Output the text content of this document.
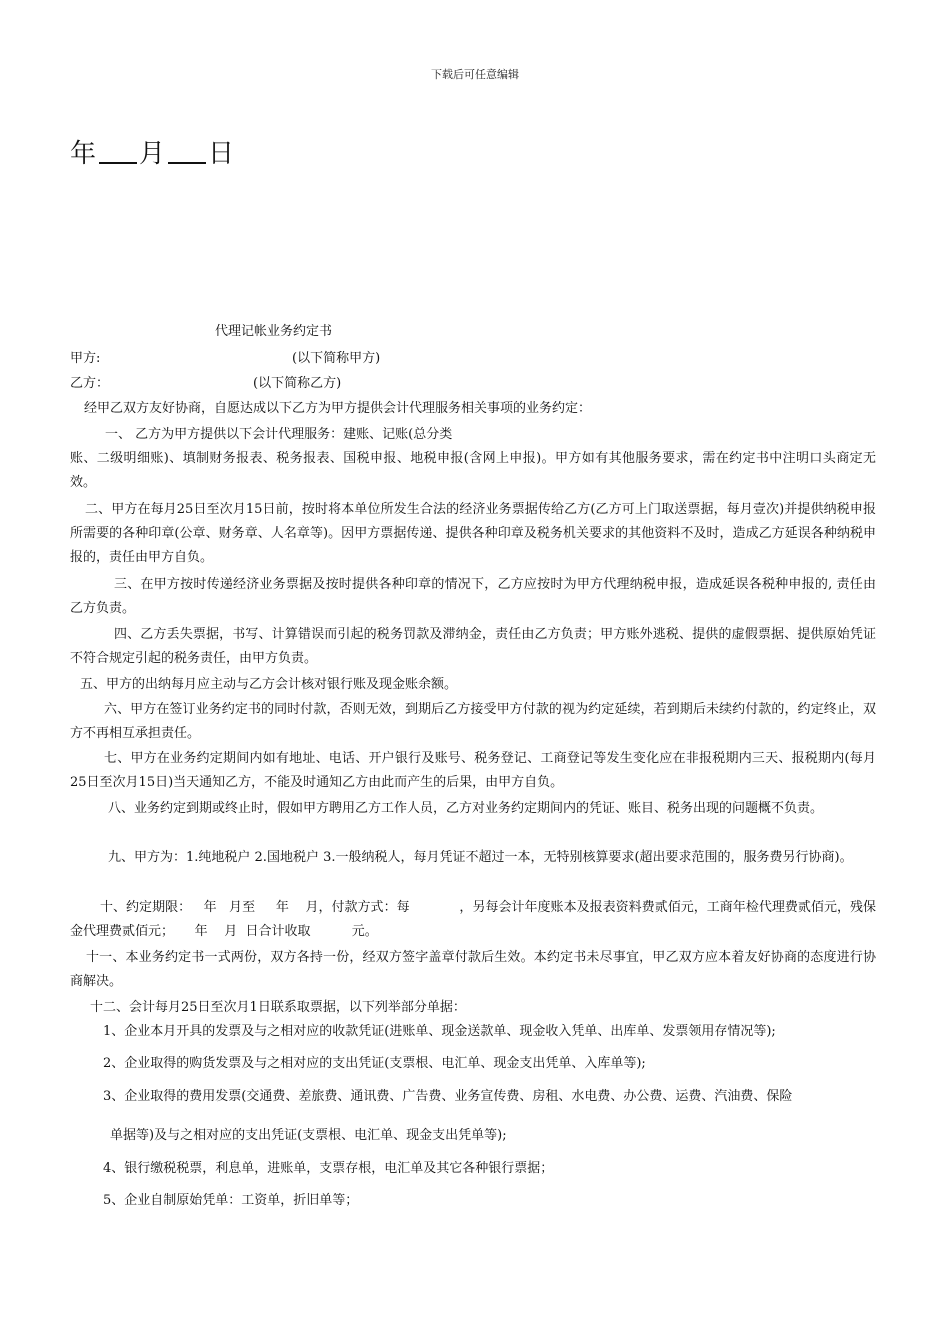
下载后可任意编辑
年 月 日
代理记帐业务约定书
甲方:	(以下简称甲方)
乙方：	(以下简称乙方)
经甲乙双方友好协商，自愿达成以下乙方为甲方提供会计代理服务相关事项的业务约定：
一、 乙方为甲方提供以下会计代理服务：建账、记账(总分类
账、二级明细账)、填制财务报表、税务报表、国税申报、地税申报(含网上申报)。甲方如有其他服务要求，需在约定书中注明口头商定无效。
二、甲方在每月25日至次月15日前，按时将本单位所发生合法的经济业务票据传给乙方(乙方可上门取送票据，每月壹次)并提供纳税申报所需要的各种印章(公章、财务章、人名章等)。因甲方票据传递、提供各种印章及税务机关要求的其他资料不及时，造成乙方延误各种纳税申报的，责任由甲方自负。
三、在甲方按时传递经济业务票据及按时提供各种印章的情况下，乙方应按时为甲方代理纳税申报，造成延误各税种申报的, 责任由乙方负责。
四、乙方丢失票据，书写、计算错误而引起的税务罚款及滞纳金，责任由乙方负责；甲方账外逃税、提供的虚假票据、提供原始凭证不符合规定引起的税务责任，由甲方负责。
五、甲方的出纳每月应主动与乙方会计核对银行账及现金账余额。
六、甲方在签订业务约定书的同时付款，否则无效，到期后乙方接受甲方付款的视为约定延续，若到期后未续约付款的，约定终止，双方不再相互承担责任。
七、甲方在业务约定期间内如有地址、电话、开户银行及账号、税务登记、工商登记等发生变化应在非报税期内三天、报税期内(每月25日至次月15日)当天通知乙方，不能及时通知乙方由此而产生的后果，由甲方自负。
八、业务约定到期或终止时，假如甲方聘用乙方工作人员，乙方对业务约定期间内的凭证、账目、税务出现的问题概不负责。
九、甲方为：1.纯地税户 2.国地税户 3.一般纳税人，每月凭证不超过一本，无特别核算要求(超出要求范围的，服务费另行协商)。
十、约定期限：   年   月至     年    月，付款方式：每            ，另每会计年度账本及报表资料费贰佰元，工商年检代理费贰佰元，残保金代理费贰佰元；     年    月  日合计收取          元。
十一、本业务约定书一式两份，双方各持一份，经双方签字盖章付款后生效。本约定书未尽事宜，甲乙双方应本着友好协商的态度进行协商解决。
十二、会计每月25日至次月1日联系取票据，以下列举部分单据：
1、企业本月开具的发票及与之相对应的收款凭证(进账单、现金送款单、现金收入凭单、出库单、发票领用存情况等);
2、企业取得的购货发票及与之相对应的支出凭证(支票根、电汇单、现金支出凭单、入库单等);
3、企业取得的费用发票(交通费、差旅费、通讯费、广告费、业务宣传费、房租、水电费、办公费、运费、汽油费、保险
单据等)及与之相对应的支出凭证(支票根、电汇单、现金支出凭单等);
4、银行缴税税票，利息单，进账单，支票存根，电汇单及其它各种银行票据；
5、企业自制原始凭单：工资单，折旧单等；
